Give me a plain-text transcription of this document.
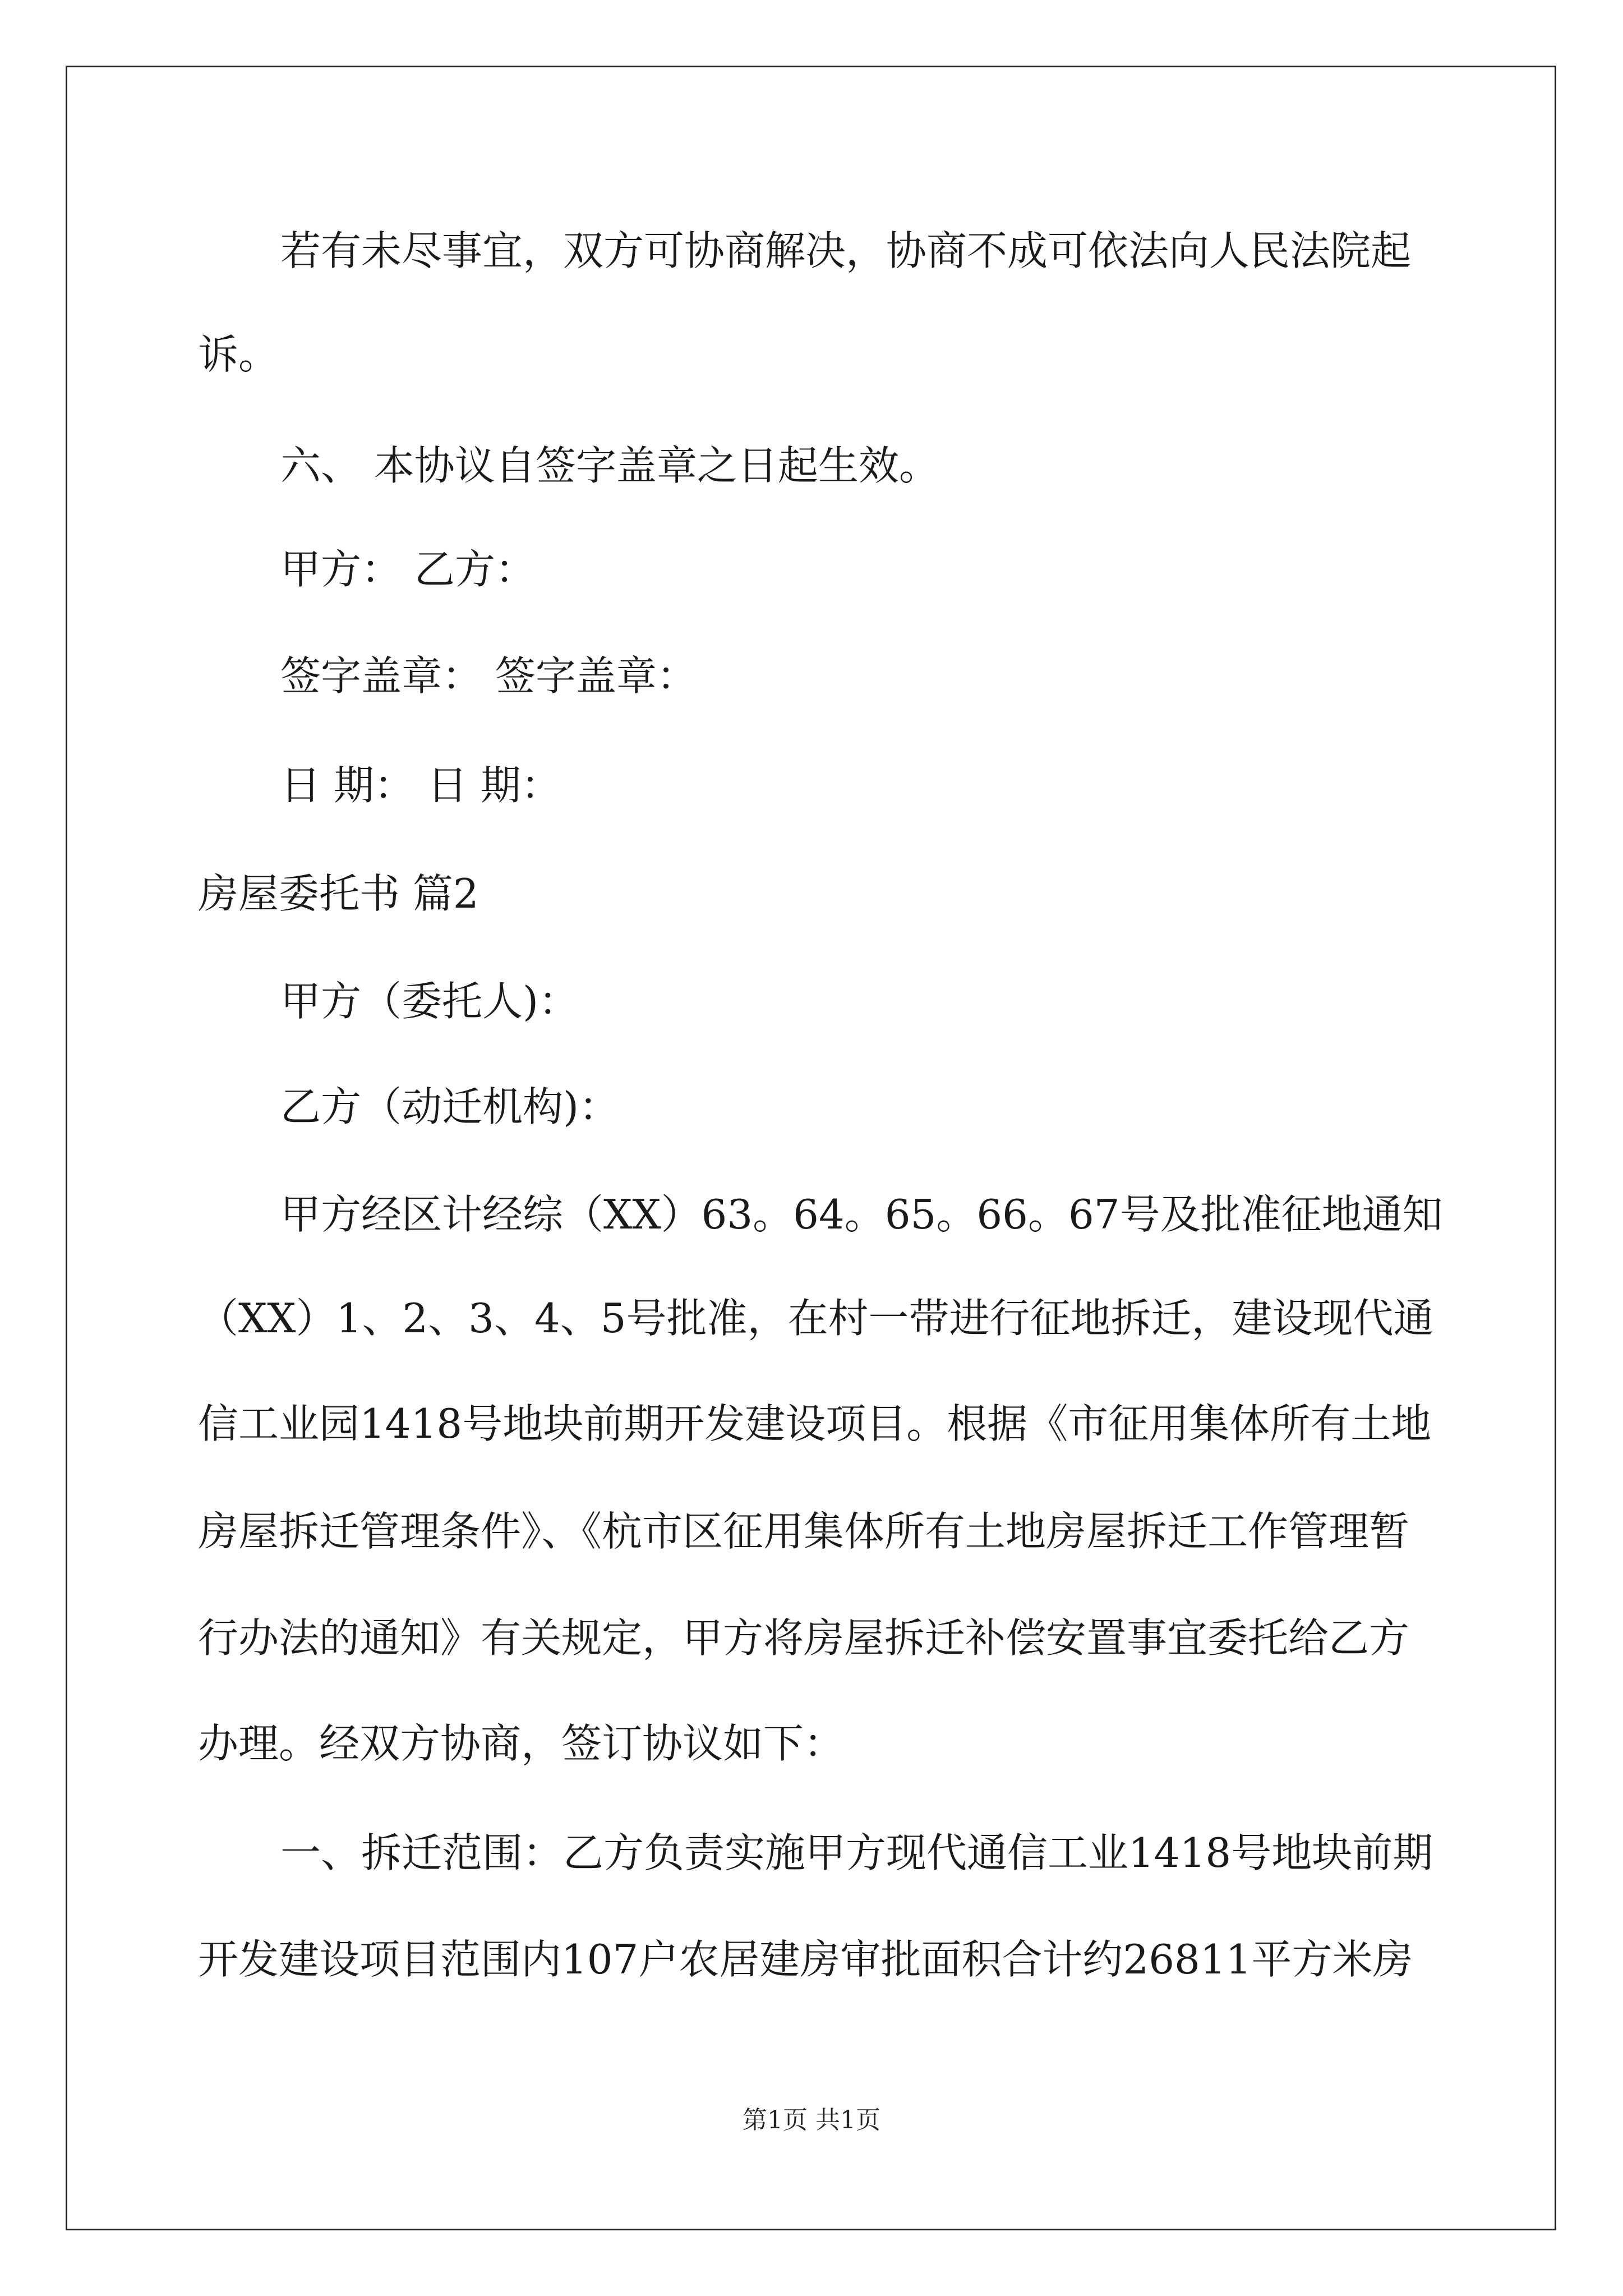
若有未尽事宜，双方可协商解决，协商不成可依法向人民法院起
诉。
六、 本协议自签字盖章之日起生效。
甲方： 乙方：
签字盖章： 签字盖章：
日 期： 日 期：
房屋委托书 篇2
甲方（委托人)：
乙方（动迁机构)：
甲方经区计经综（XX）63。64。65。66。67号及批准征地通知
（XX）1、2、3、4、5号批准，在村一带进行征地拆迁，建设现代通
信工业园1418号地块前期开发建设项目。根据《市征用集体所有土地
房屋拆迁管理条件》、《杭市区征用集体所有土地房屋拆迁工作管理暂
行办法的通知》有关规定，甲方将房屋拆迁补偿安置事宜委托给乙方
办理。经双方协商，签订协议如下：
一、拆迁范围：乙方负责实施甲方现代通信工业1418号地块前期
开发建设项目范围内107户农居建房审批面积合计约26811平方米房
第1页 共1页
